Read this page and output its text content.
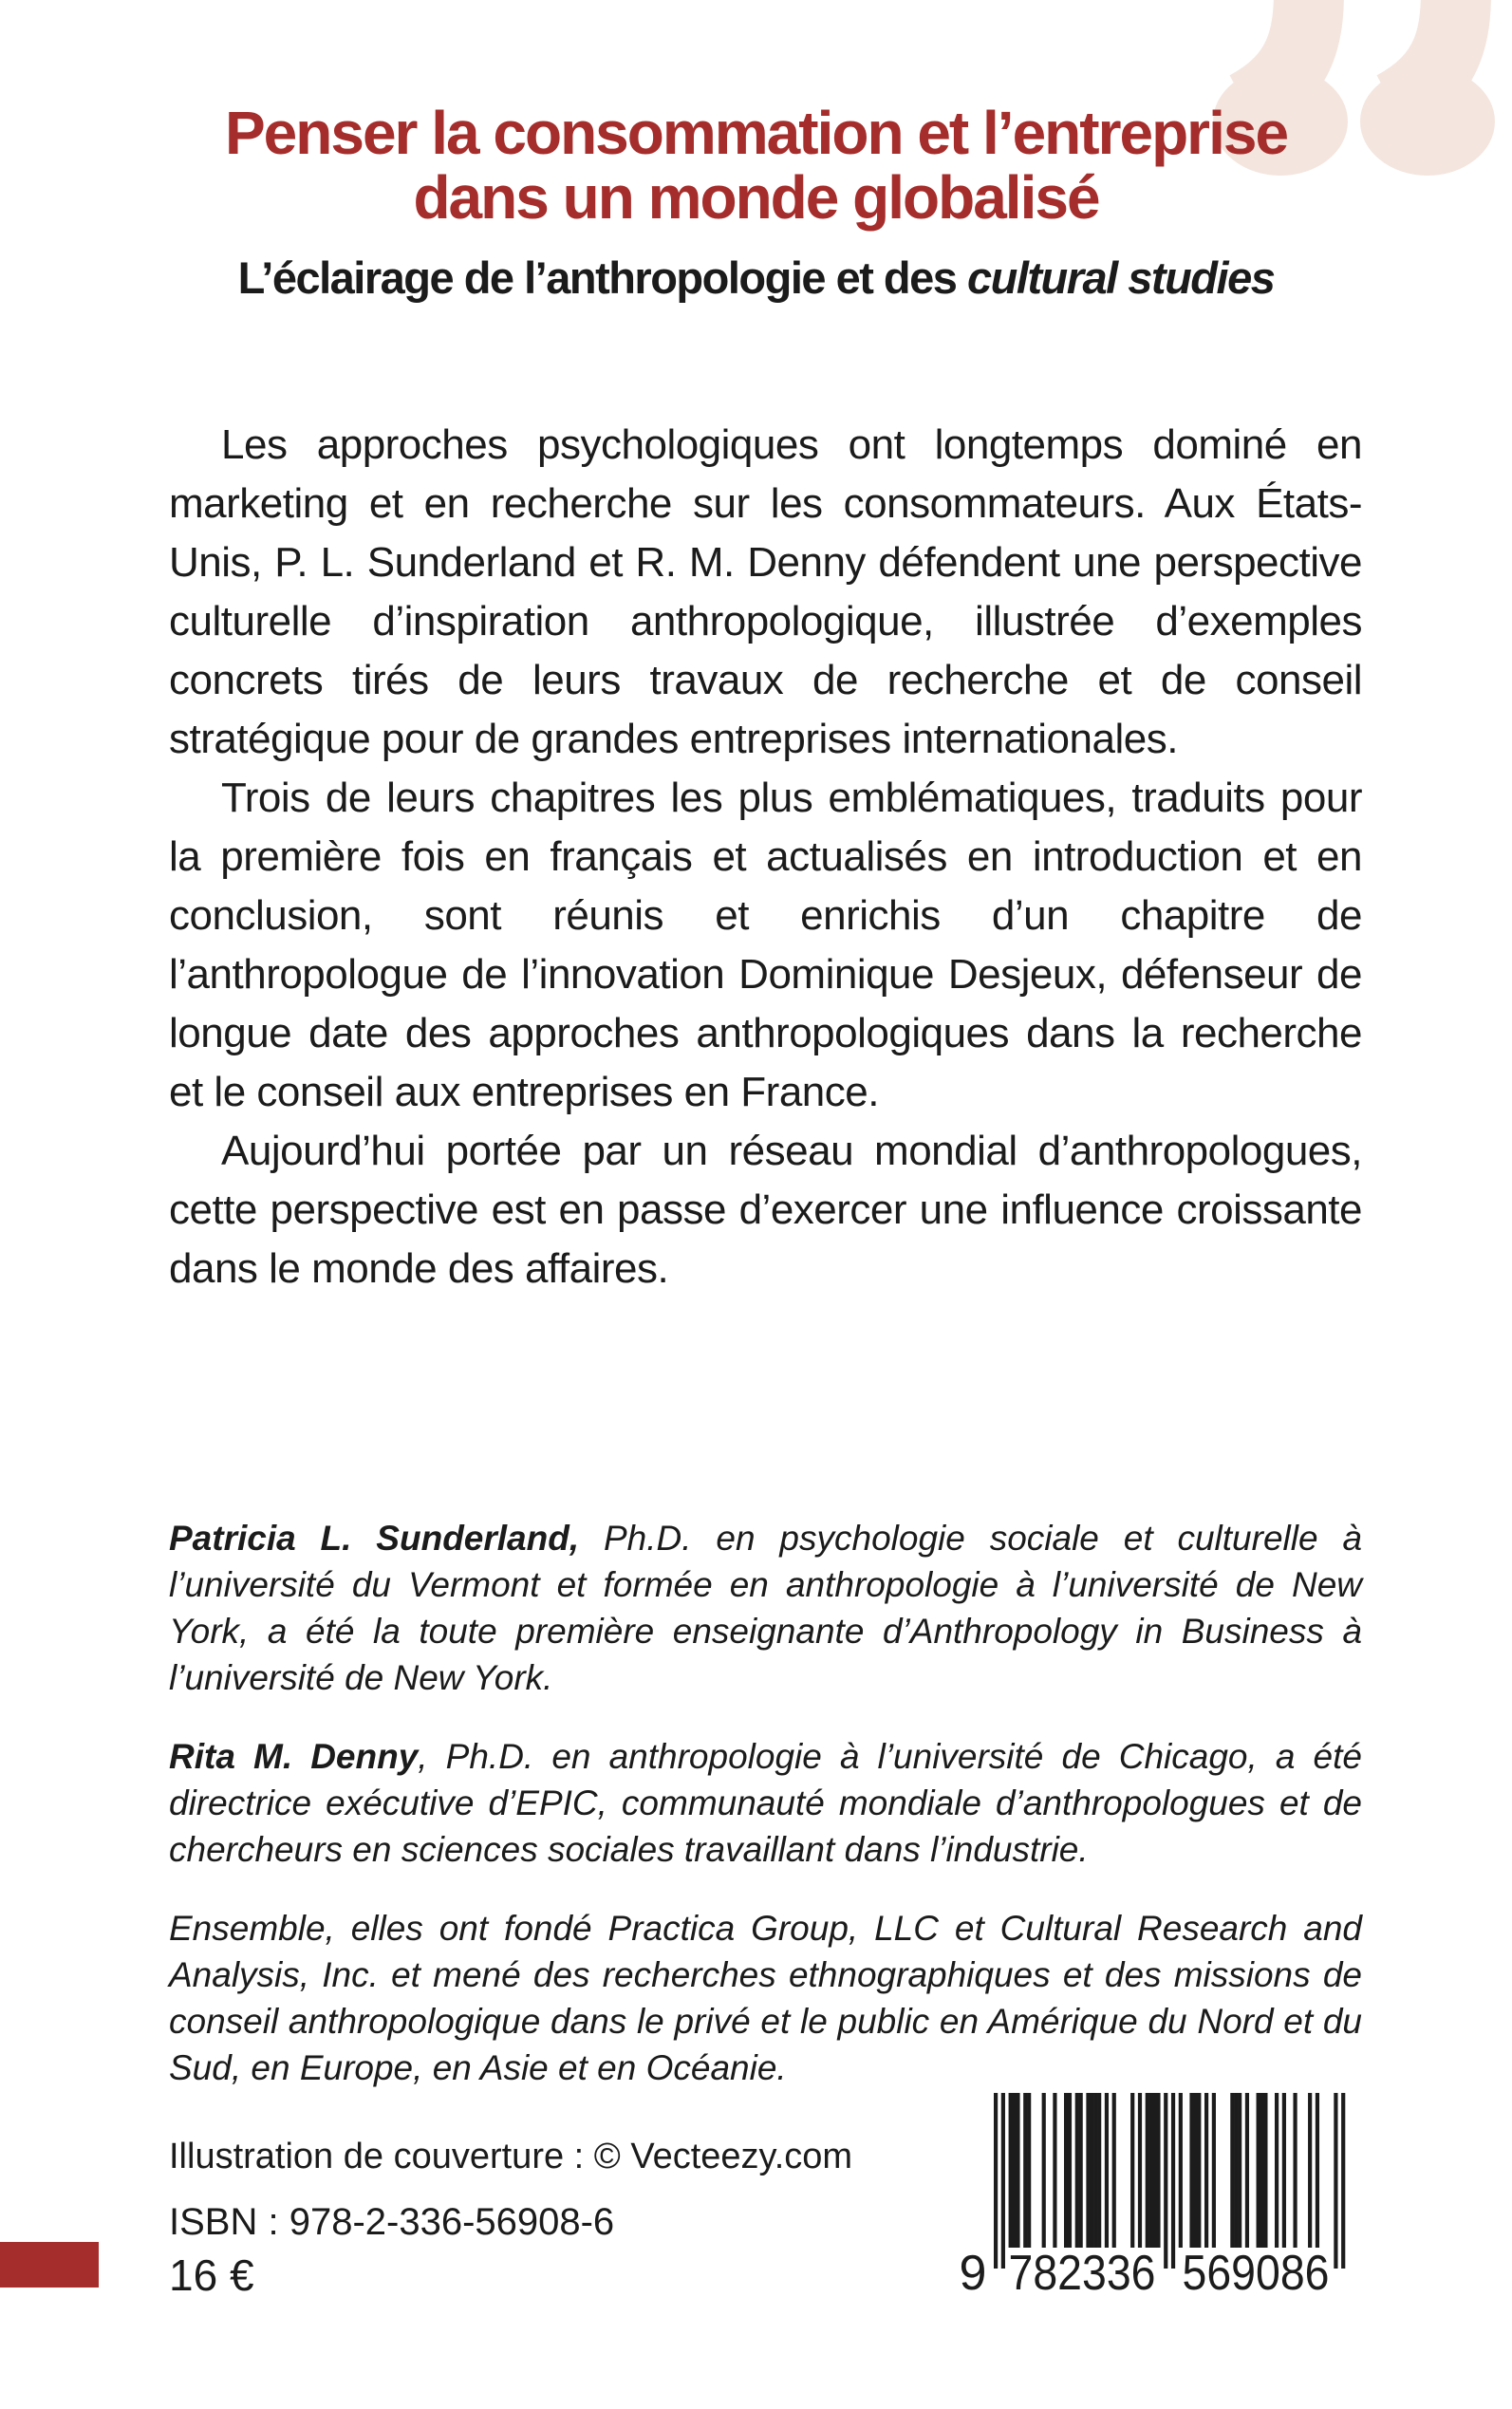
Penser la consommation et l’entreprise
dans un monde globalisé
L’éclairage de l’anthropologie et des cultural studies

Les approches psychologiques ont longtemps dominé en marketing et en recherche sur les consommateurs. Aux États-Unis, P. L. Sunderland et R. M. Denny défendent une perspective culturelle d’inspiration anthropologique, illustrée d’exemples concrets tirés de leurs travaux de recherche et de conseil stratégique pour de grandes entreprises internationales.

Trois de leurs chapitres les plus emblématiques, traduits pour la première fois en français et actualisés en introduction et en conclusion, sont réunis et enrichis d’un chapitre de l’anthropologue de l’innovation Dominique Desjeux, défenseur de longue date des approches anthropologiques dans la recherche et le conseil aux entreprises en France.

Aujourd’hui portée par un réseau mondial d’anthropologues, cette perspective est en passe d’exercer une influence croissante dans le monde des affaires.

Patricia L. Sunderland, Ph.D. en psychologie sociale et culturelle à l’université du Vermont et formée en anthropologie à l’université de New York, a été la toute première enseignante d’Anthropology in Business à l’université de New York.

Rita M. Denny, Ph.D. en anthropologie à l’université de Chicago, a été directrice exécutive d’EPIC, communauté mondiale d’anthropologues et de chercheurs en sciences sociales travaillant dans l’industrie.

Ensemble, elles ont fondé Practica Group, LLC et Cultural Research and Analysis, Inc. et mené des recherches ethnographiques et des missions de conseil anthropologique dans le privé et le public en Amérique du Nord et du Sud, en Europe, en Asie et en Océanie.

Illustration de couverture : © Vecteezy.com
ISBN : 978-2-336-56908-6
16 €	9 782336 569086
